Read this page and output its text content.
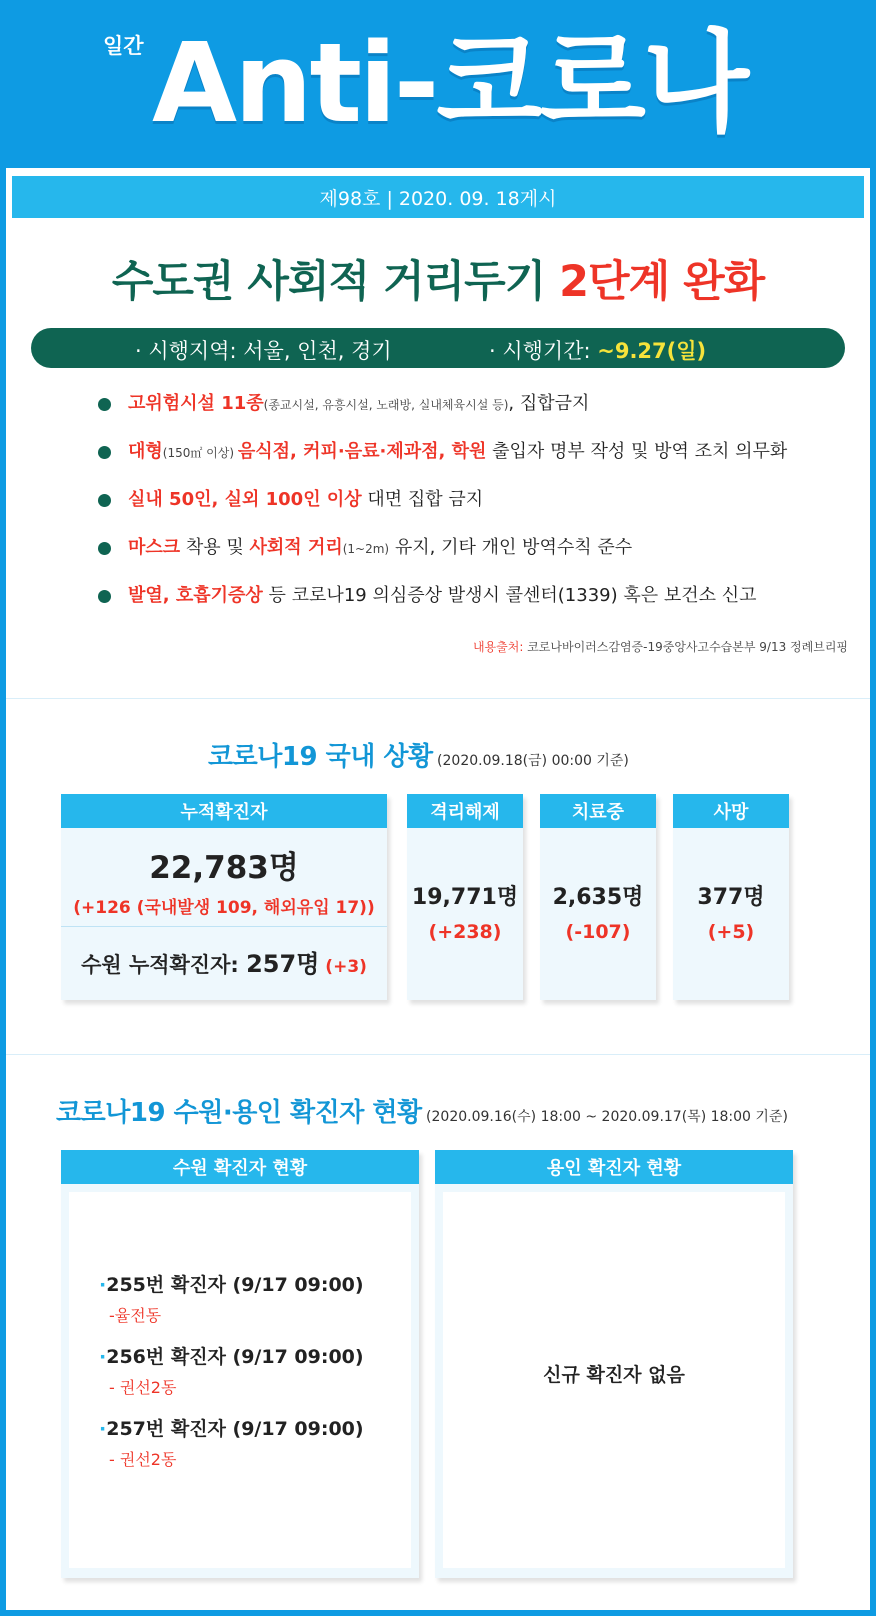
일간 Anti-코로나
제98호 | 2020. 09. 18게시
수도권 사회적 거리두기 2단계 완화
· 시행지역: 서울, 인천, 경기	· 시행기간: ~9.27(일)
고위험시설 11종(종교시설, 유흥시설, 노래방, 실내체육시설 등), 집합금지
대형(150㎡ 이상) 음식점, 커피·음료·제과점, 학원 출입자 명부 작성 및 방역 조치 의무화
실내 50인, 실외 100인 이상 대면 집합 금지
마스크 착용 및 사회적 거리(1~2m) 유지, 기타 개인 방역수칙 준수
발열, 호흡기증상 등 코로나19 의심증상 발생시 콜센터(1339) 혹은 보건소 신고
내용출처: 코로나바이러스감염증-19중앙사고수습본부 9/13 정례브리핑
코로나19 국내 상황 (2020.09.18(금) 00:00 기준)
누적확진자
22,783명
(+126 (국내발생 109, 해외유입 17))
수원 누적확진자: 257명 (+3)
격리해제
19,771명
(+238)
치료중
2,635명
(-107)
사망
377명
(+5)
코로나19 수원·용인 확진자 현황 (2020.09.16(수) 18:00 ~ 2020.09.17(목) 18:00 기준)
수원 확진자 현황
·255번 확진자 (9/17 09:00)
-율전동
·256번 확진자 (9/17 09:00)
- 권선2동
·257번 확진자 (9/17 09:00)
- 권선2동
용인 확진자 현황
신규 확진자 없음
